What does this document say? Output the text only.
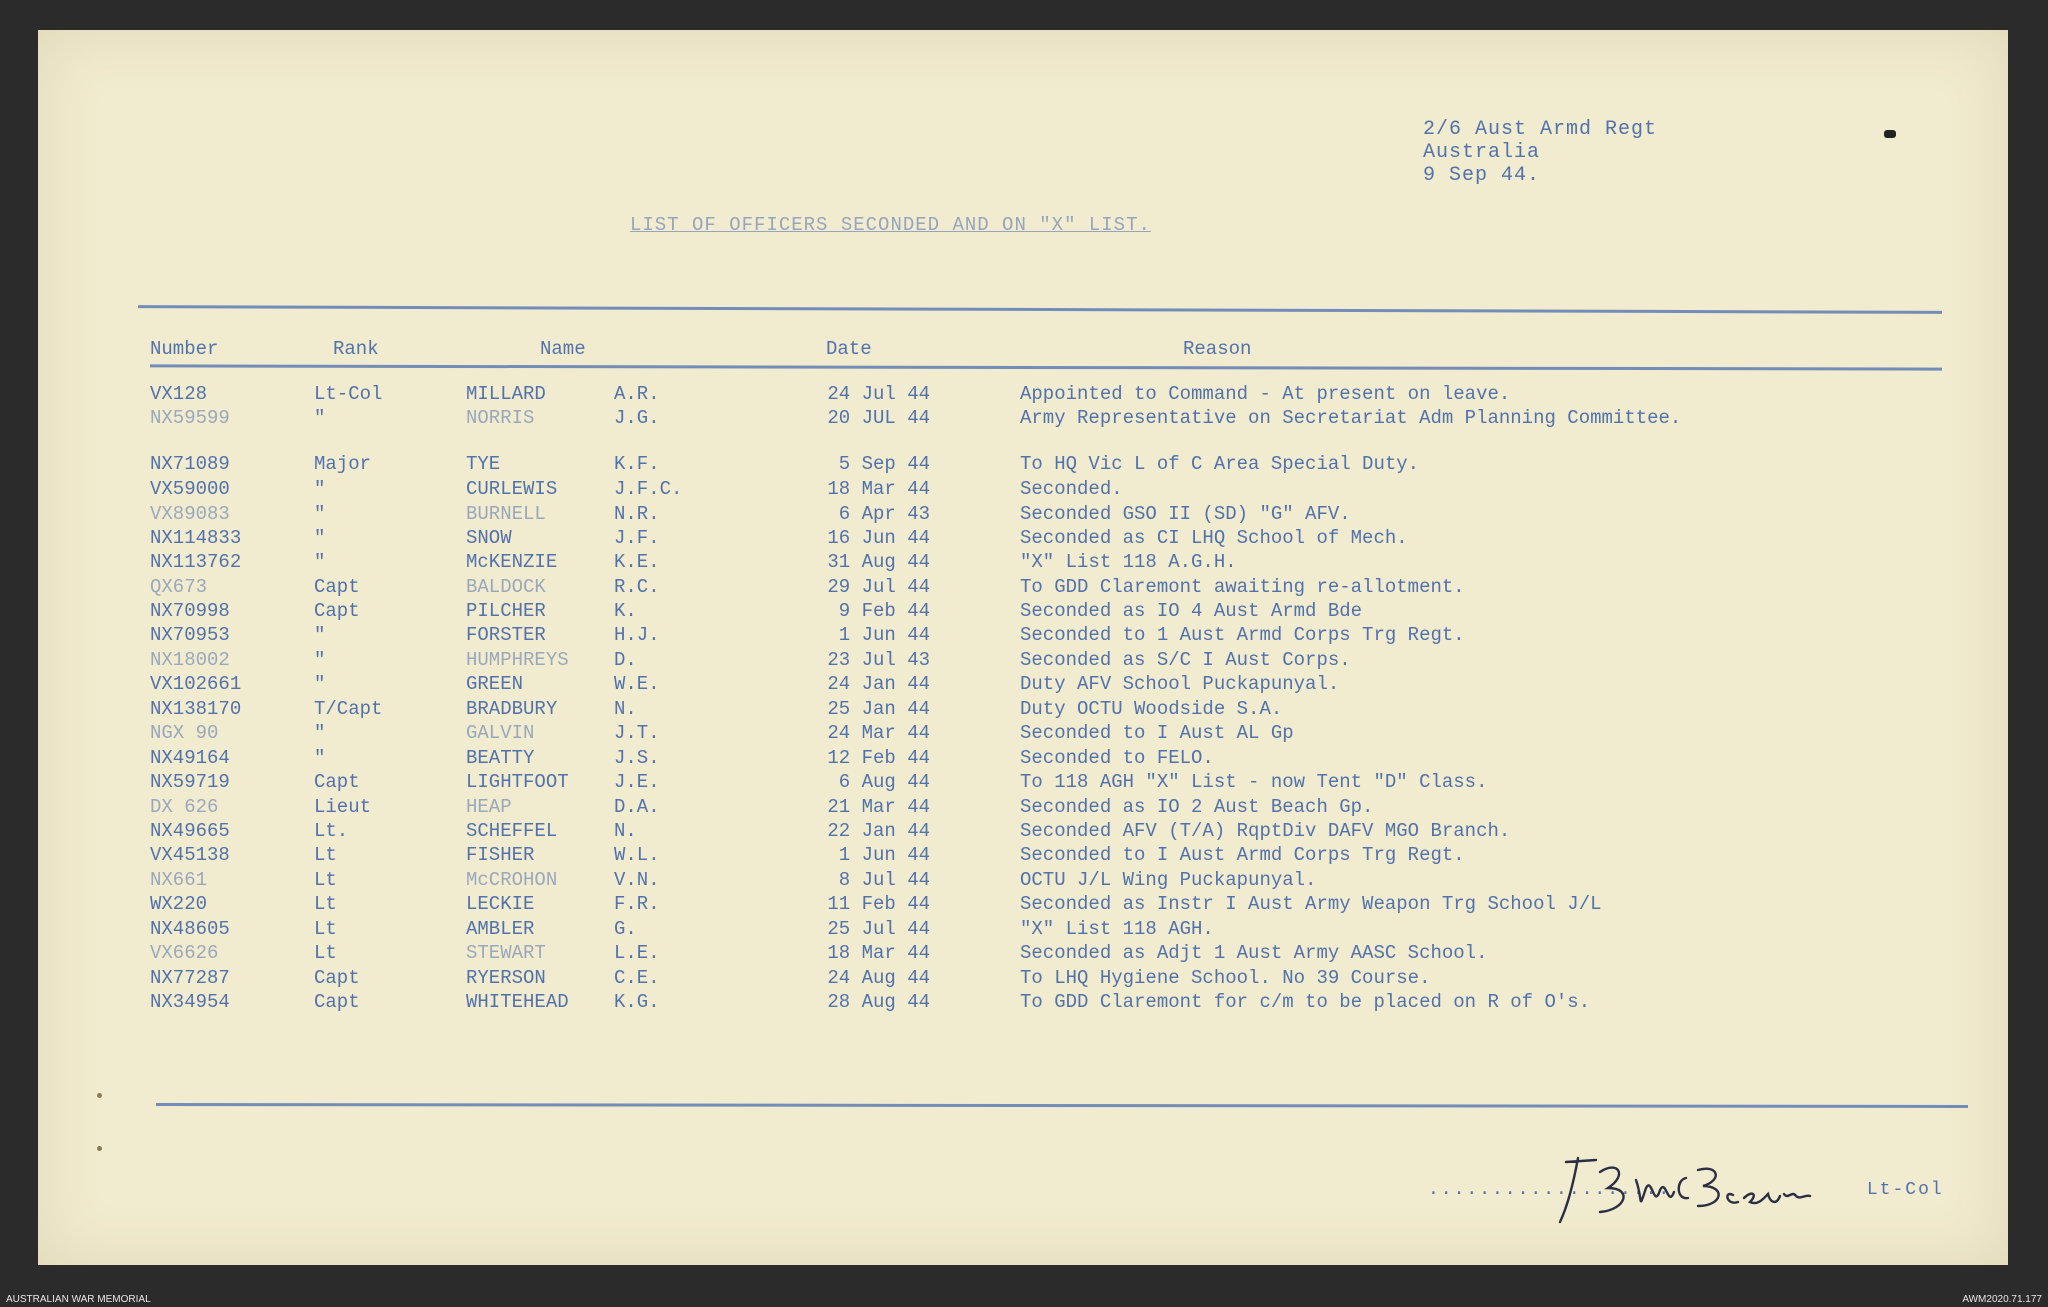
2/6 Aust Armd Regt
Australia
9 Sep 44.
LIST OF OFFICERS SECONDED AND ON "X" LIST.
Number	Rank	Name	Date	Reason
VX128	Lt-Col	MILLARD	A.R.	24 Jul 44	Appointed to Command - At present on leave.
NX59599	"	NORRIS	J.G.	20 JUL 44	Army Representative on Secretariat Adm Planning Committee.
NX71089	Major	TYE	K.F.	5 Sep 44	To HQ Vic L of C Area Special Duty.
VX59000	"	CURLEWIS	J.F.C.	18 Mar 44	Seconded.
VX89083	"	BURNELL	N.R.	6 Apr 43	Seconded GSO II (SD) "G" AFV.
NX114833	"	SNOW	J.F.	16 Jun 44	Seconded as CI LHQ School of Mech.
NX113762	"	McKENZIE	K.E.	31 Aug 44	"X" List 118 A.G.H.
QX673	Capt	BALDOCK	R.C.	29 Jul 44	To GDD Claremont awaiting re-allotment.
NX70998	Capt	PILCHER	K.	9 Feb 44	Seconded as IO 4 Aust Armd Bde
NX70953	"	FORSTER	H.J.	1 Jun 44	Seconded to 1 Aust Armd Corps Trg Regt.
NX18002	"	HUMPHREYS D.	23 Jul 43	Seconded as S/C I Aust Corps.
VX102661	"	GREEN	W.E.	24 Jan 44	Duty AFV School Puckapunyal.
NX138170	T/Capt	BRADBURY	N.	25 Jan 44	Duty OCTU Woodside S.A.
NGX 90	"	GALVIN	J.T.	24 Mar 44	Seconded to I Aust AL Gp
NX49164	"	BEATTY	J.S.	12 Feb 44	Seconded to FELO.
NX59719	Capt	LIGHTFOOT J.E.	6 Aug 44	To 118 AGH "X" List - now Tent "D" Class.
DX 626	Lieut	HEAP	D.A.	21 Mar 44	Seconded as IO 2 Aust Beach Gp.
NX49665	Lt.	SCHEFFEL	N.	22 Jan 44	Seconded AFV (T/A) RqptDiv DAFV MGO Branch.
VX45138	Lt	FISHER	W.L.	1 Jun 44	Seconded to I Aust Armd Corps Trg Regt.
NX661	Lt	McCROHON	V.N.	8 Jul 44	OCTU J/L Wing Puckapunyal.
WX220	Lt	LECKIE	F.R.	11 Feb 44	Seconded as Instr I Aust Army Weapon Trg School J/L
NX48605	Lt	AMBLER	G.	25 Jul 44	"X" List 118 AGH.
VX6626	Lt	STEWART	L.E.	18 Mar 44	Seconded as Adjt 1 Aust Army AASC School.
NX77287	Capt	RYERSON	C.E.	24 Aug 44	To LHQ Hygiene School. No 39 Course.
NX34954	Capt	WHITEHEAD K.G.	28 Aug 44	To GDD Claremont for c/m to be placed on R of O's.
...................	Lt-Col
AUSTRALIAN WAR MEMORIAL	AWM2020.71.177
